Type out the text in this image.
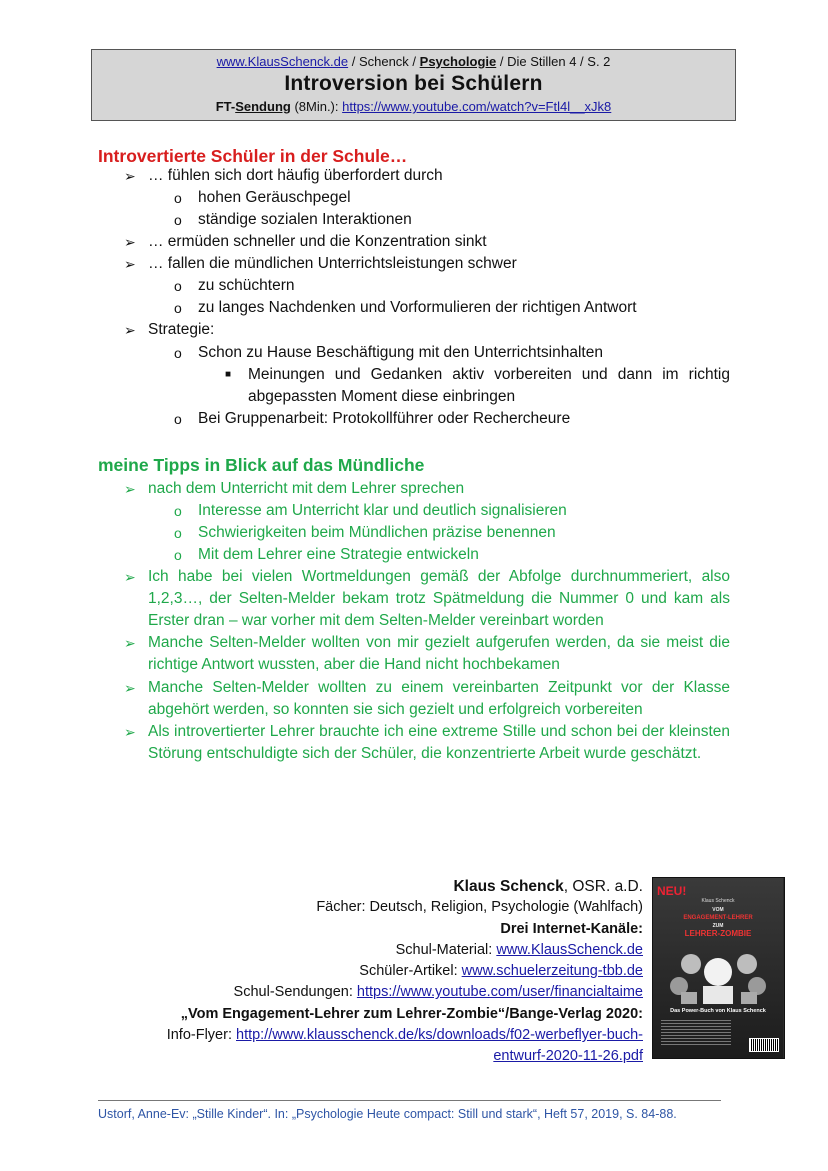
www.KlausSchenck.de / Schenck / Psychologie / Die Stillen 4 / S. 2
Introversion bei Schülern
FT-Sendung (8Min.): https://www.youtube.com/watch?v=Ftl4l__xJk8
Introvertierte Schüler in der Schule…
➢ … fühlen sich dort häufig überfordert durch
o hohen Geräuschpegel
o ständige sozialen Interaktionen
➢ … ermüden schneller und die Konzentration sinkt
➢ … fallen die mündlichen Unterrichtsleistungen schwer
o zu schüchtern
o zu langes Nachdenken und Vorformulieren der richtigen Antwort
➢ Strategie:
o Schon zu Hause Beschäftigung mit den Unterrichtsinhalten
■ Meinungen und Gedanken aktiv vorbereiten und dann im richtig abgepassten Moment diese einbringen
o Bei Gruppenarbeit: Protokollführer oder Rechercheure
meine Tipps in Blick auf das Mündliche
➢ nach dem Unterricht mit dem Lehrer sprechen
o Interesse am Unterricht klar und deutlich signalisieren
o Schwierigkeiten beim Mündlichen präzise benennen
o Mit dem Lehrer eine Strategie entwickeln
➢ Ich habe bei vielen Wortmeldungen gemäß der Abfolge durchnummeriert, also 1,2,3…, der Selten-Melder bekam trotz Spätmeldung die Nummer 0 und kam als Erster dran – war vorher mit dem Selten-Melder vereinbart worden
➢ Manche Selten-Melder wollten von mir gezielt aufgerufen werden, da sie meist die richtige Antwort wussten, aber die Hand nicht hochbekamen
➢ Manche Selten-Melder wollten zu einem vereinbarten Zeitpunkt vor der Klasse abgehört werden, so konnten sie sich gezielt und erfolgreich vorbereiten
➢ Als introvertierter Lehrer brauchte ich eine extreme Stille und schon bei der kleinsten Störung entschuldigte sich der Schüler, die konzentrierte Arbeit wurde geschätzt.
Klaus Schenck, OSR. a.D.
Fächer: Deutsch, Religion, Psychologie (Wahlfach)
Drei Internet-Kanäle:
Schul-Material: www.KlausSchenck.de
Schüler-Artikel: www.schuelerzeitung-tbb.de
Schul-Sendungen: https://www.youtube.com/user/financialtaime
„Vom Engagement-Lehrer zum Lehrer-Zombie“/Bange-Verlag 2020:
Info-Flyer: http://www.klausschenck.de/ks/downloads/f02-werbeflyer-buch-
entwurf-2020-11-26.pdf
NEU!
Klaus Schenck
VOM
ENGAGEMENT-LEHRER
ZUM
LEHRER-ZOMBIE
Das Power-Buch von Klaus Schenck
Ustorf, Anne-Ev: „Stille Kinder“. In: „Psychologie Heute compact: Still und stark“, Heft 57, 2019, S. 84-88.
